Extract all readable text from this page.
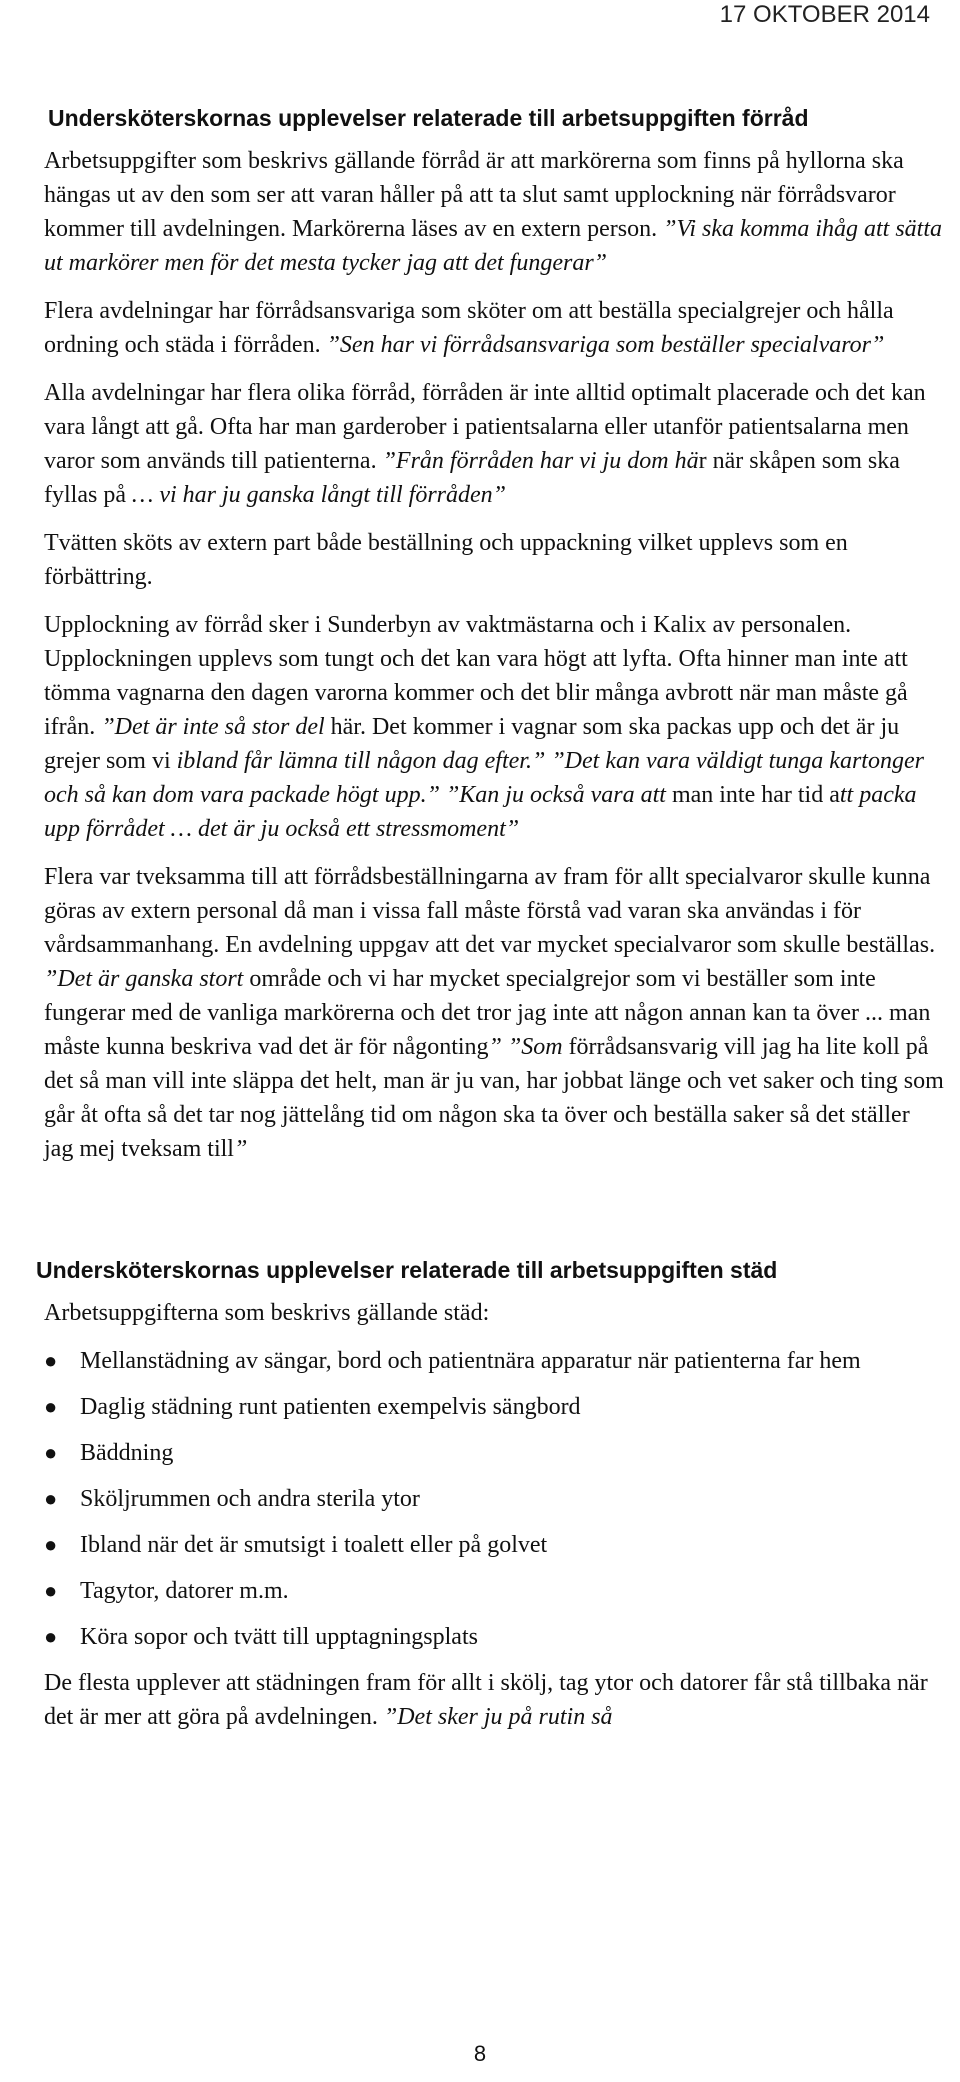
17 OKTOBER 2014
Undersköterskornas upplevelser relaterade till arbetsuppgiften förråd

Arbetsuppgifter som beskrivs gällande förråd är att markörerna som finns på hyllorna ska hängas ut av den som ser att varan håller på att ta slut samt upplockning när förrådsvaror kommer till avdelningen. Markörerna läses av en extern person. ”Vi ska komma ihåg att sätta ut markörer men för det mesta tycker jag att det fungerar”

Flera avdelningar har förrådsansvariga som sköter om att beställa specialgrejer och hålla ordning och städa i förråden. ”Sen har vi förrådsansvariga som beställer specialvaror”

Alla avdelningar har flera olika förråd, förråden är inte alltid optimalt placerade och det kan vara långt att gå. Ofta har man garderober i patientsalarna eller utanför patientsalarna men varor som används till patienterna. ”Från förråden har vi ju dom här när skåpen som ska fyllas på … vi har ju ganska långt till förråden”

Tvätten sköts av extern part både beställning och uppackning vilket upplevs som en förbättring.

Upplockning av förråd sker i Sunderbyn av vaktmästarna och i Kalix av personalen. Upplockningen upplevs som tungt och det kan vara högt att lyfta. Ofta hinner man inte att tömma vagnarna den dagen varorna kommer och det blir många avbrott när man måste gå ifrån. ”Det är inte så stor del här. Det kommer i vagnar som ska packas upp och det är ju grejer som vi ibland får lämna till någon dag efter.” ”Det kan vara väldigt tunga kartonger och så kan dom vara packade högt upp.” ”Kan ju också vara att man inte har tid att packa upp förrådet … det är ju också ett stressmoment”

Flera var tveksamma till att förrådsbeställningarna av fram för allt specialvaror skulle kunna göras av extern personal då man i vissa fall måste förstå vad varan ska användas i för vårdsammanhang. En avdelning uppgav att det var mycket specialvaror som skulle beställas. ”Det är ganska stort område och vi har mycket specialgrejor som vi beställer som inte fungerar med de vanliga markörerna och det tror jag inte att någon annan kan ta över ... man måste kunna beskriva vad det är för någonting” ”Som förrådsansvarig vill jag ha lite koll på det så man vill inte släppa det helt, man är ju van, har jobbat länge och vet saker och ting som går åt ofta så det tar nog jättelång tid om någon ska ta över och beställa saker så det ställer jag mej tveksam till”

Undersköterskornas upplevelser relaterade till arbetsuppgiften städ

Arbetsuppgifterna som beskrivs gällande städ:

● Mellanstädning av sängar, bord och patientnära apparatur när patienterna far hem
● Daglig städning runt patienten exempelvis sängbord
● Bäddning
● Sköljrummen och andra sterila ytor
● Ibland när det är smutsigt i toalett eller på golvet
● Tagytor, datorer m.m.
● Köra sopor och tvätt till upptagningsplats

De flesta upplever att städningen fram för allt i skölj, tag ytor och datorer får stå tillbaka när det är mer att göra på avdelningen. ”Det sker ju på rutin så

8
